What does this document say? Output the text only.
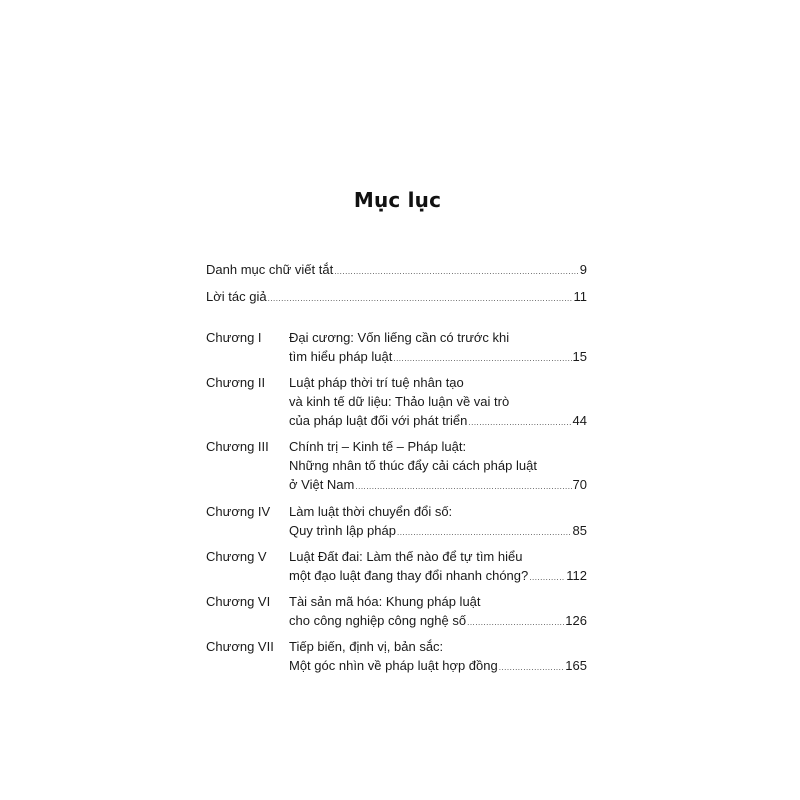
Mục lục
Danh mục chữ viết tắt .....	9
Lời tác giả .....	11
Chương I Đại cương: Vốn liếng cần có trước khi
tìm hiểu pháp luật .....	15
Chương II Luật pháp thời trí tuệ nhân tạo
và kinh tế dữ liệu: Thảo luận về vai trò
của pháp luật đối với phát triển .....	44
Chương III Chính trị – Kinh tế – Pháp luật:
Những nhân tố thúc đẩy cải cách pháp luật
ở Việt Nam .....	70
Chương IV Làm luật thời chuyển đổi số:
Quy trình lập pháp .....	85
Chương V Luật Đất đai: Làm thế nào để tự tìm hiểu
một đạo luật đang thay đổi nhanh chóng? .....	112
Chương VI Tài sản mã hóa: Khung pháp luật
cho công nghiệp công nghệ số .....	126
Chương VII Tiếp biến, định vị, bản sắc:
Một góc nhìn về pháp luật hợp đồng .....	165
